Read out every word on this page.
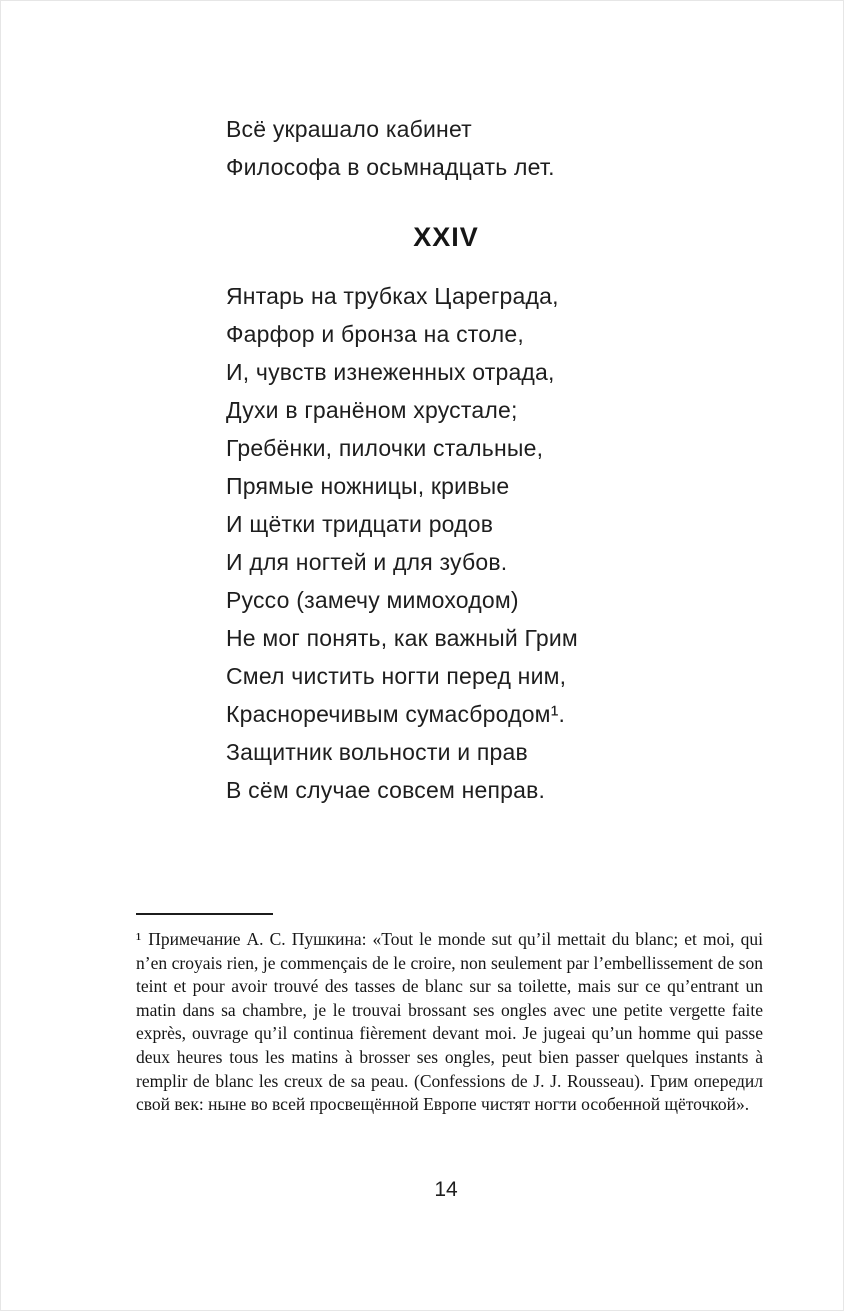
Всё украшало кабинет
Философа в осьмнадцать лет.
XXIV
Янтарь на трубках Цареграда,
Фарфор и бронза на столе,
И, чувств изнеженных отрада,
Духи в гранёном хрустале;
Гребёнки, пилочки стальные,
Прямые ножницы, кривые
И щётки тридцати родов
И для ногтей и для зубов.
Руссо (замечу мимоходом)
Не мог понять, как важный Грим
Смел чистить ногти перед ним,
Красноречивым сумасбродом¹.
Защитник вольности и прав
В сём случае совсем неправ.

¹ Примечание А. С. Пушкина: «Tout le monde sut qu’il mettait du blanc; et moi, qui n’en croyais rien, je commençais de le croire, non seulement par l’embellissement de son teint et pour avoir trouvé des tasses de blanc sur sa toilette, mais sur ce qu’entrant un matin dans sa chambre, je le trouvai brossant ses ongles avec une petite vergette faite exprès, ouvrage qu’il continua fièrement devant moi. Je jugeai qu’un homme qui passe deux heures tous les matins à brosser ses ongles, peut bien passer quelques instants à remplir de blanc les creux de sa peau. (Confessions de J. J. Rousseau). Грим опередил свой век: ныне во всей просвещённой Европе чистят ногти особенной щёточкой».

14
